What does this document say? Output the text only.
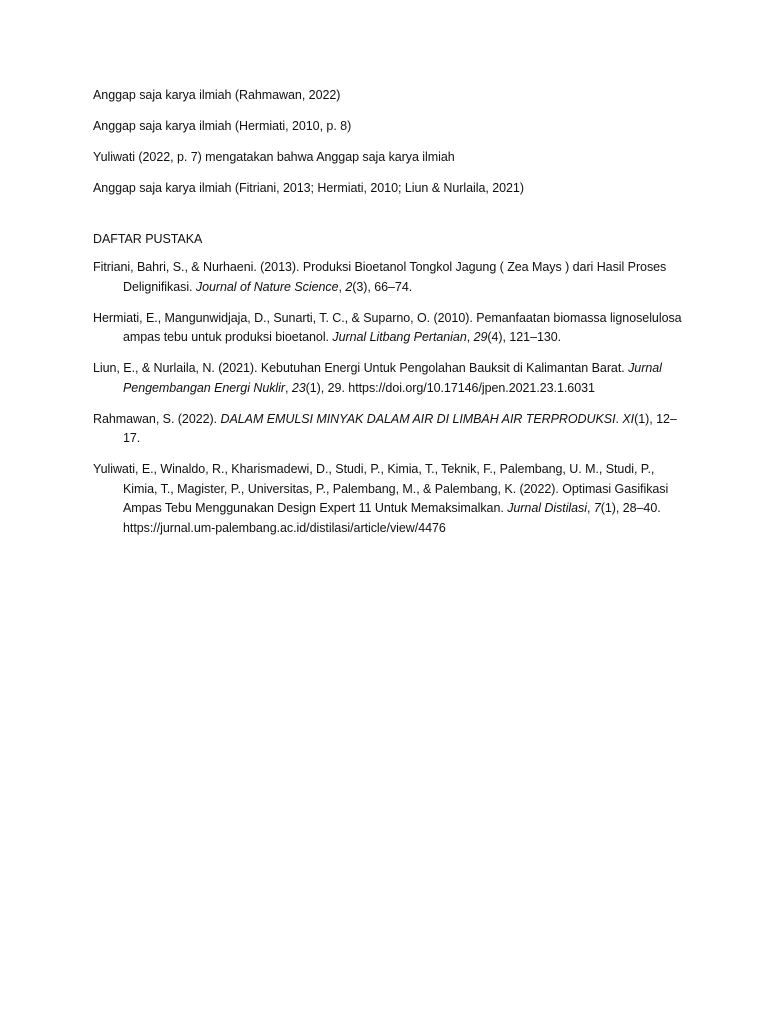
Anggap saja karya ilmiah (Rahmawan, 2022)

Anggap saja karya ilmiah (Hermiati, 2010, p. 8)

Yuliwati (2022, p. 7) mengatakan bahwa Anggap saja karya ilmiah

Anggap saja karya ilmiah (Fitriani, 2013; Hermiati, 2010; Liun & Nurlaila, 2021)

DAFTAR PUSTAKA

Fitriani, Bahri, S., & Nurhaeni. (2013). Produksi Bioetanol Tongkol Jagung ( Zea Mays ) dari Hasil Proses Delignifikasi. Journal of Nature Science, 2(3), 66–74.

Hermiati, E., Mangunwidjaja, D., Sunarti, T. C., & Suparno, O. (2010). Pemanfaatan biomassa lignoselulosa ampas tebu untuk produksi bioetanol. Jurnal Litbang Pertanian, 29(4), 121–130.

Liun, E., & Nurlaila, N. (2021). Kebutuhan Energi Untuk Pengolahan Bauksit di Kalimantan Barat. Jurnal Pengembangan Energi Nuklir, 23(1), 29. https://doi.org/10.17146/jpen.2021.23.1.6031

Rahmawan, S. (2022). DALAM EMULSI MINYAK DALAM AIR DI LIMBAH AIR TERPRODUKSI. XI(1), 12–17.

Yuliwati, E., Winaldo, R., Kharismadewi, D., Studi, P., Kimia, T., Teknik, F., Palembang, U. M., Studi, P., Kimia, T., Magister, P., Universitas, P., Palembang, M., & Palembang, K. (2022). Optimasi Gasifikasi Ampas Tebu Menggunakan Design Expert 11 Untuk Memaksimalkan. Jurnal Distilasi, 7(1), 28–40. https://jurnal.um-palembang.ac.id/distilasi/article/view/4476
